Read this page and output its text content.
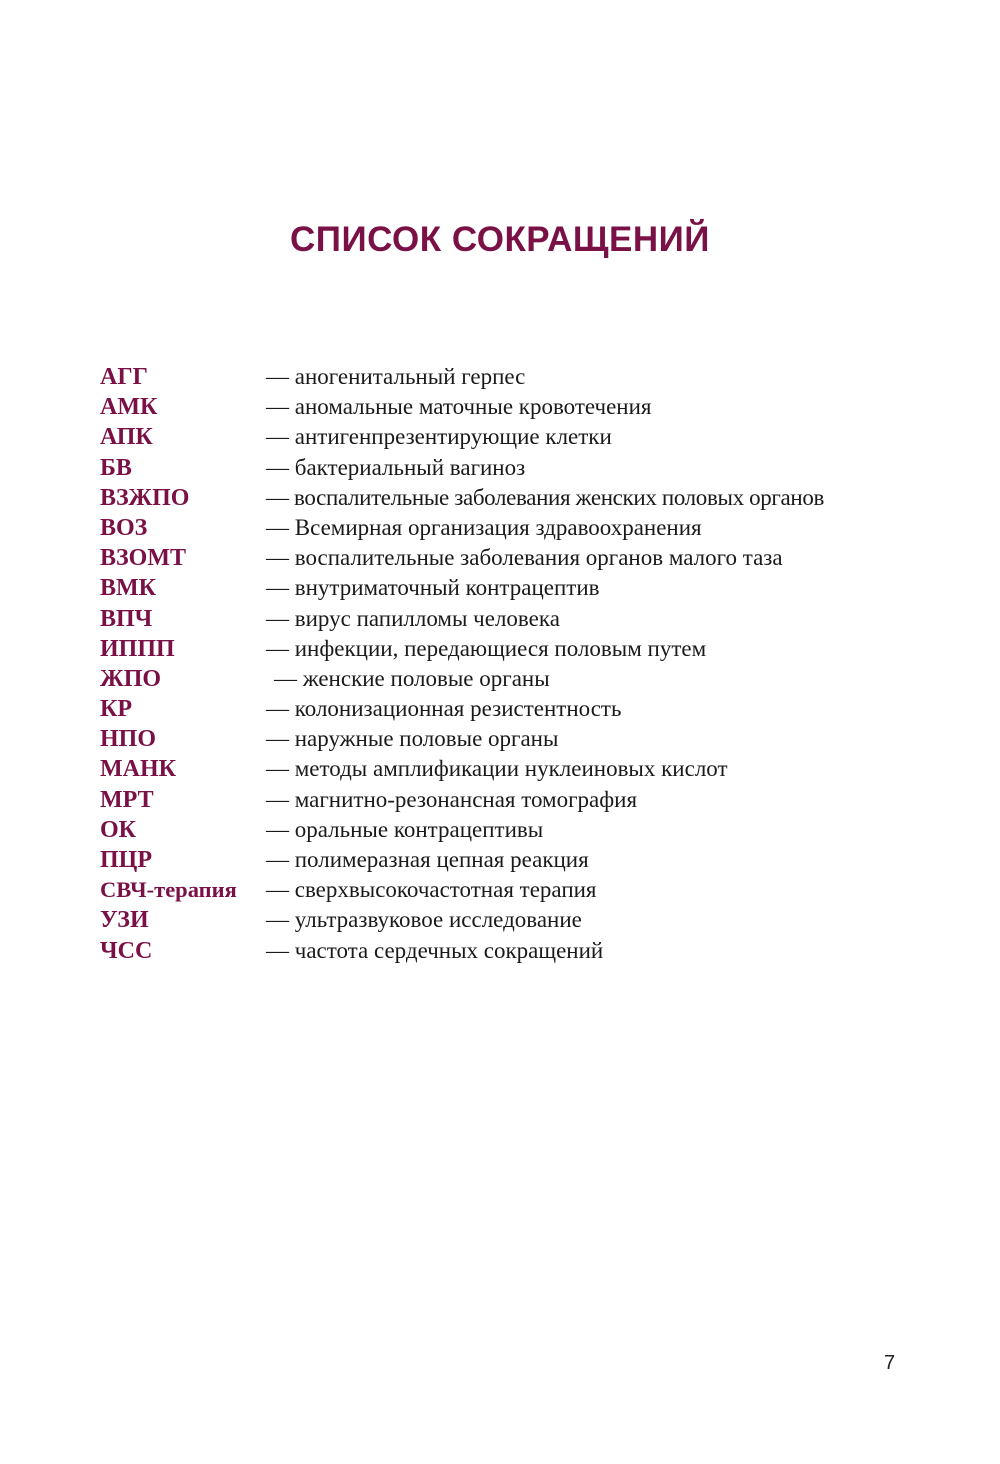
СПИСОК СОКРАЩЕНИЙ
АГГ	— аногенитальный герпес
АМК	— аномальные маточные кровотечения
АПК	— антигенпрезентирующие клетки
БВ	— бактериальный вагиноз
ВЗЖПО	— воспалительные заболевания женских половых органов
ВОЗ	— Всемирная организация здравоохранения
ВЗОМТ	— воспалительные заболевания органов малого таза
ВМК	— внутриматочный контрацептив
ВПЧ	— вирус папилломы человека
ИППП	— инфекции, передающиеся половым путем
ЖПО	— женские половые органы
КР	— колонизационная резистентность
НПО	— наружные половые органы
МАНК	— методы амплификации нуклеиновых кислот
МРТ	— магнитно-резонансная томография
ОК	— оральные контрацептивы
ПЦР	— полимеразная цепная реакция
СВЧ-терапия — сверхвысокочастотная терапия
УЗИ	— ультразвуковое исследование
ЧСС	— частота сердечных сокращений
7
